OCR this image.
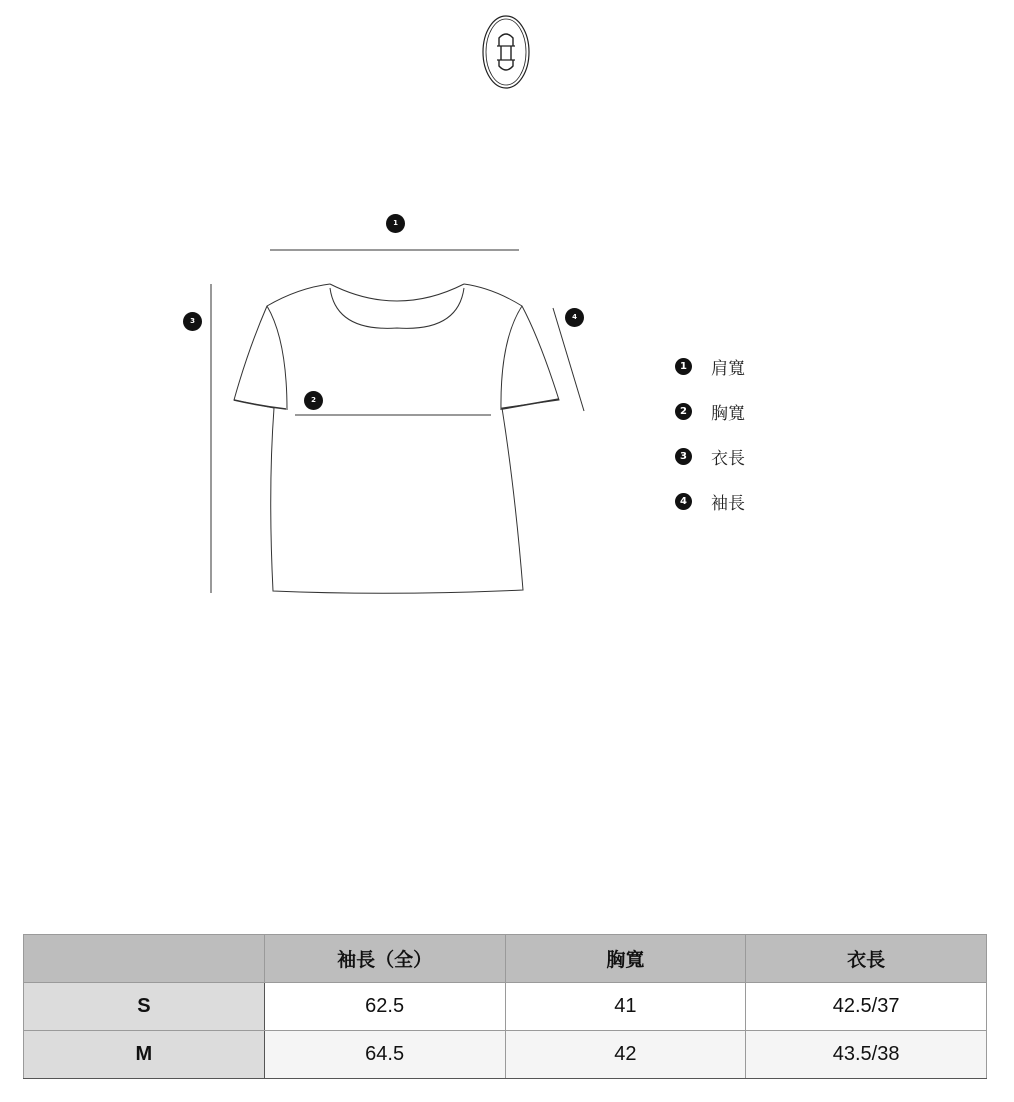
1
2
3	4
1 肩寬
2 胸寬
3 衣長
4 袖長
	袖長（全）	胸寬	衣長
S	62.5	41	42.5/37
M	64.5	42	43.5/38
